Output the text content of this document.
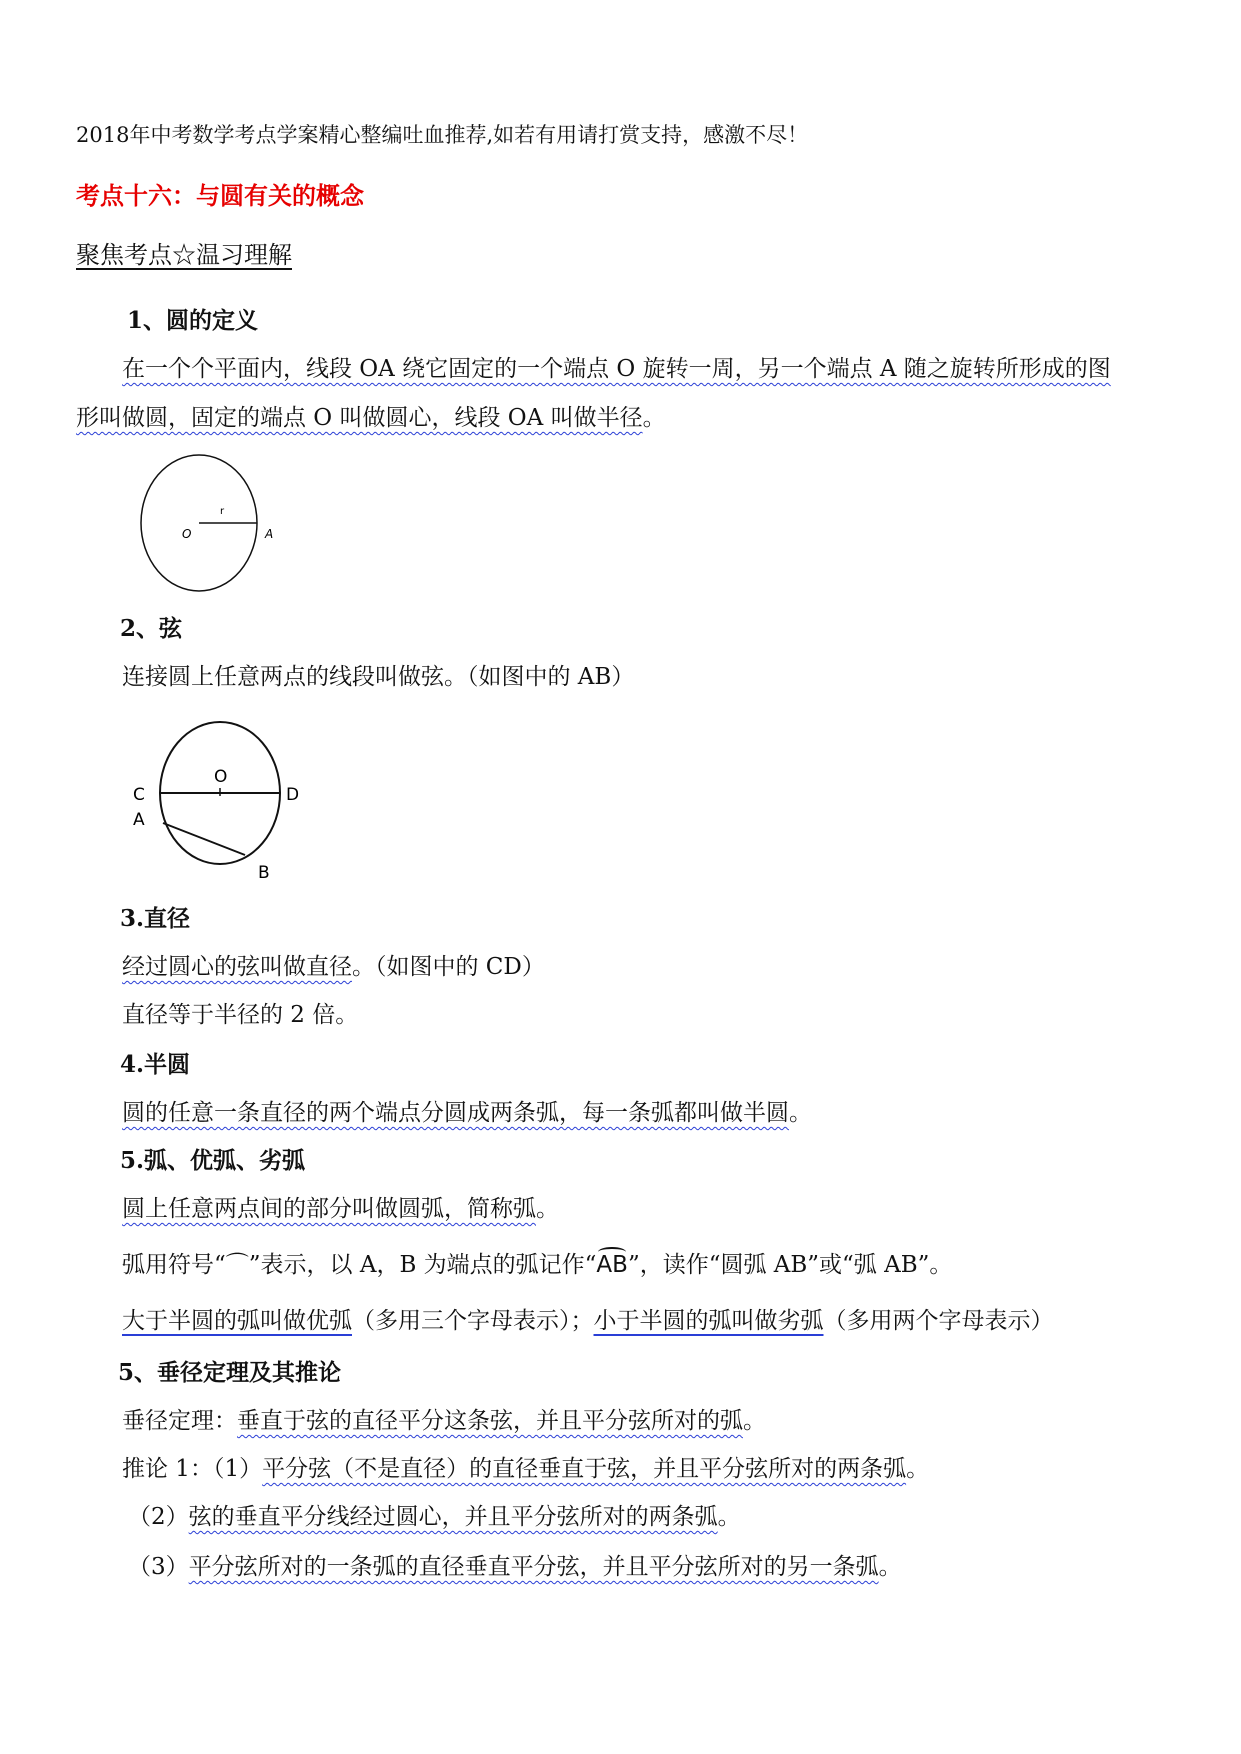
2018年中考数学考点学案精心整编吐血推荐,如若有用请打赏支持，感激不尽！
考点十六：与圆有关的概念
聚焦考点☆温习理解
1、圆的定义
在一个个平面内，线段 OA 绕它固定的一个端点 O 旋转一周，另一个端点 A 随之旋转所形成的图
形叫做圆，固定的端点 O 叫做圆心，线段 OA 叫做半径。
O
r
A
2、弦
连接圆上任意两点的线段叫做弦。（如图中的 AB）
O
C	D
A
B
3.直径
经过圆心的弦叫做直径。（如图中的 CD）
直径等于半径的 2 倍。
4.半圆
圆的任意一条直径的两个端点分圆成两条弧，每一条弧都叫做半圆。
5.弧、优弧、劣弧
圆上任意两点间的部分叫做圆弧，简称弧。
弧用符号“⌒”表示，以 A，B 为端点的弧记作“AB”，读作“圆弧 AB”或“弧 AB”。
大于半圆的弧叫做优弧（多用三个字母表示）；小于半圆的弧叫做劣弧（多用两个字母表示）
5、垂径定理及其推论
垂径定理：垂直于弦的直径平分这条弦，并且平分弦所对的弧。
推论 1：（1）平分弦（不是直径）的直径垂直于弦，并且平分弦所对的两条弧。
（2）弦的垂直平分线经过圆心，并且平分弦所对的两条弧。
（3）平分弦所对的一条弧的直径垂直平分弦，并且平分弦所对的另一条弧。
